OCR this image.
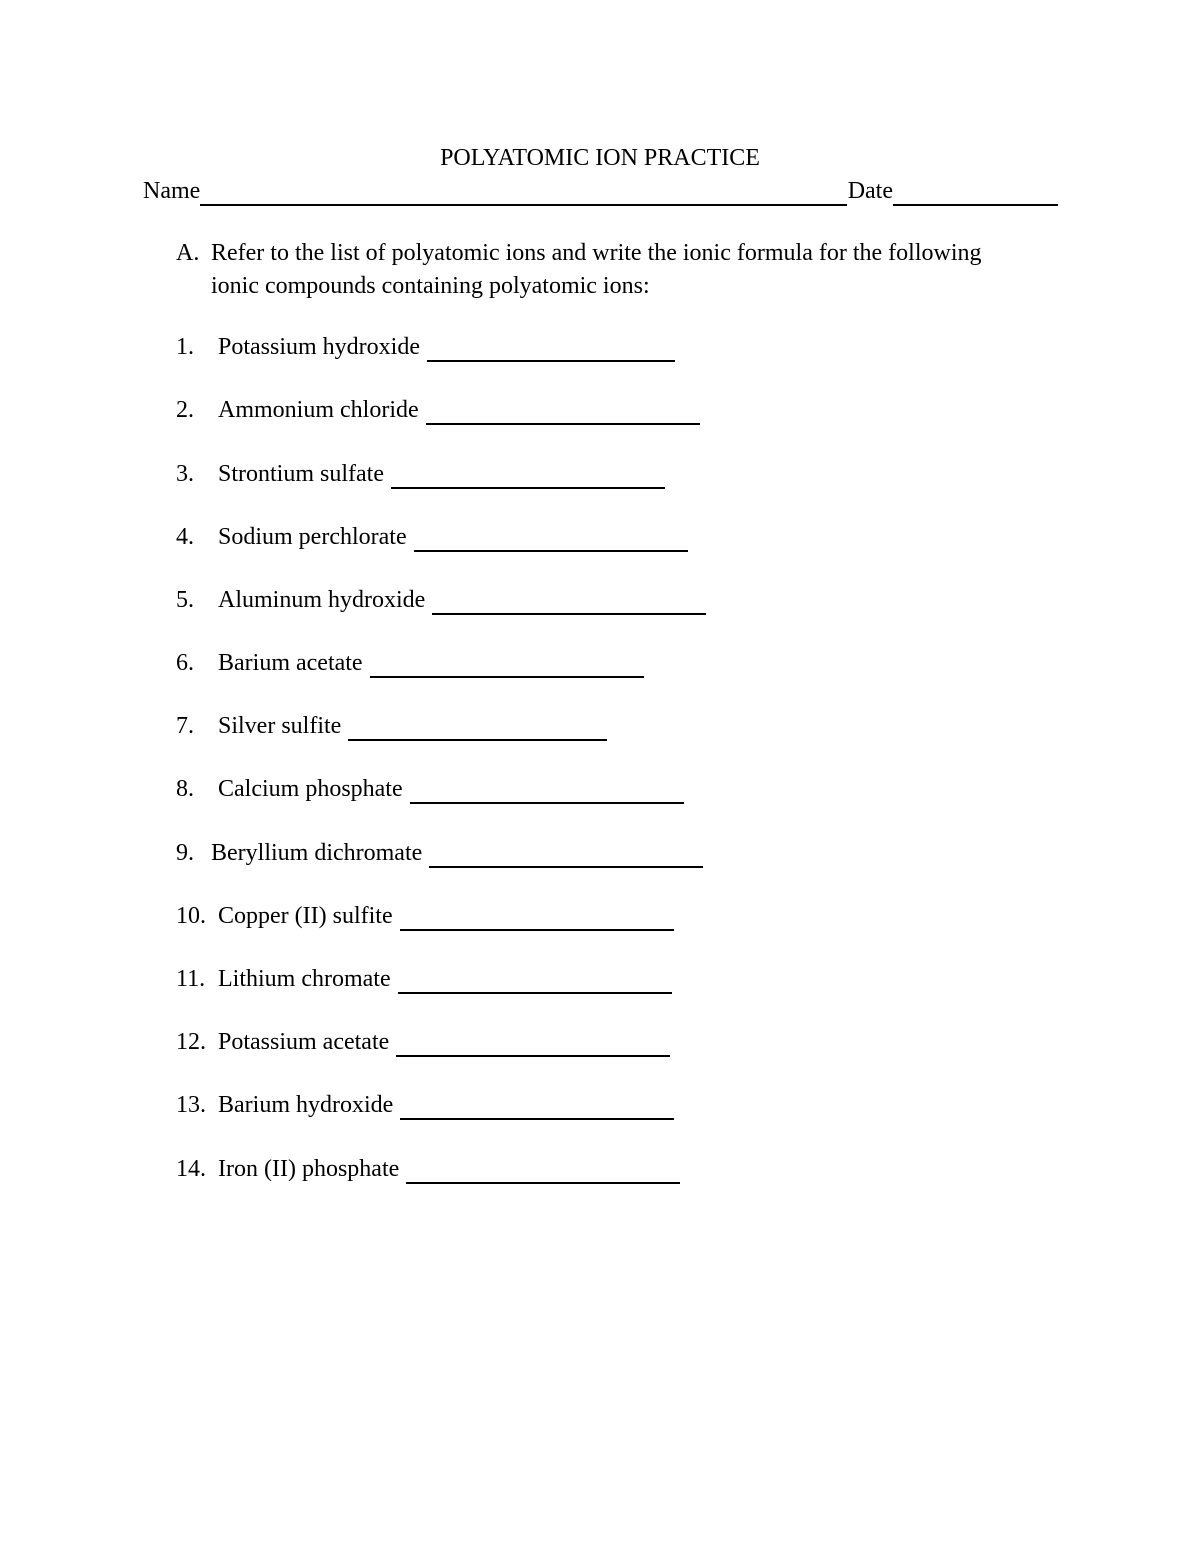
POLYATOMIC ION PRACTICE
Name	Date
A. Refer to the list of polyatomic ions and write the ionic formula for the following ionic compounds containing polyatomic ions:
1.	Potassium hydroxide
2.	Ammonium chloride
3.	Strontium sulfate
4.	Sodium perchlorate
5.	Aluminum hydroxide
6.	Barium acetate
7.	Silver sulfite
8.	Calcium phosphate
9. Beryllium dichromate
10. Copper (II) sulfite
11. Lithium chromate
12. Potassium acetate
13. Barium hydroxide
14. Iron (II) phosphate
